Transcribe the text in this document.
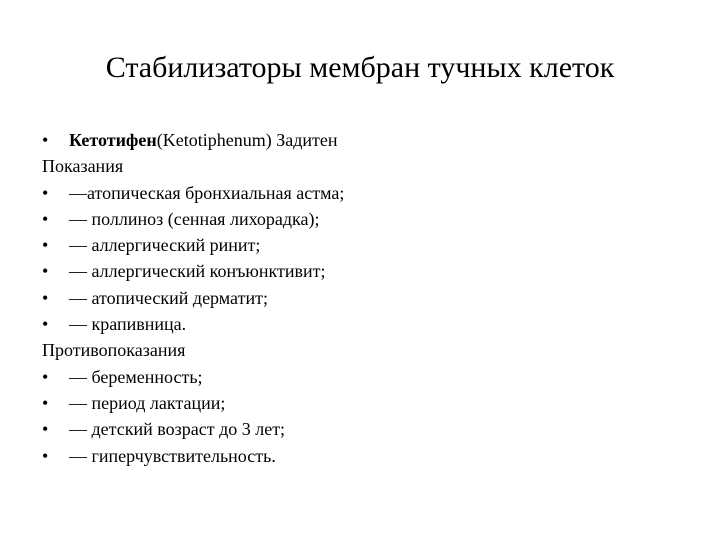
Стабилизаторы мембран тучных клеток
• Кетотифен(Ketotiphenum) Задитен
Показания
• —атопическая бронхиальная астма;
• — поллиноз (сенная лихорадка);
• — аллергический ринит;
• — аллергический конъюнктивит;
• — атопический дерматит;
• — крапивница.
Противопоказания
• — беременность;
• — период лактации;
• — детский возраст до 3 лет;
• — гиперчувствительность.
